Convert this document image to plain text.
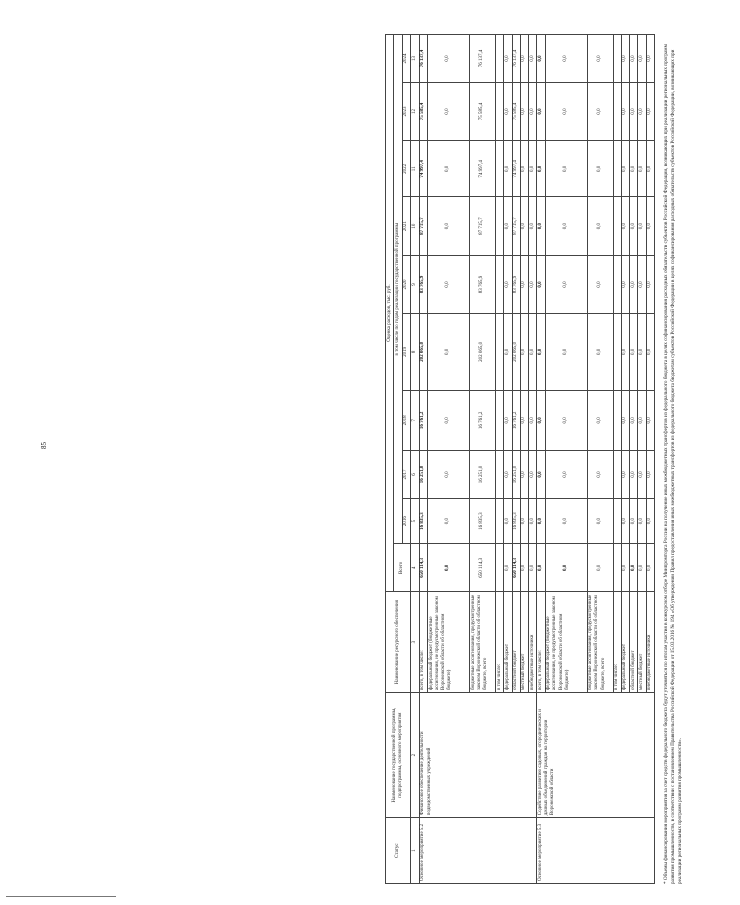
85
Статус	Наименование государственной программы, подпрограммы, основного мероприятия	Наименование ресурсного обеспечения	Оценка расходов, тыс. руб.									
			Всего	в том числе по годам реализации государственной программы								
				2016	2017	2018	2019	2020	2021	2022	2023	2024
1	2	3	4	5	6	7	8	9	10	11	12	13
Основное мероприятие 5.2	Финансовое обеспечение деятельности подведомственных учреждений	всего, в том числе:	650 114,3	16 835,3	16 251,0	16 761,2	202 065,0	83 765,9	87 715,7	74 997,4	75 585,4	76 137,4
		федеральный бюджет (бюджетные ассигнования, не предусмотренные законом Воронежской области об областном бюджете)	0,0	0,0	0,0	0,0	0,0	0,0	0,0	0,0	0,0	0,0
		бюджетные ассигнования, предусмотренные законом Воронежской области об областном бюджете, всего	650 114,3	16 835,3	16 251,0	16 761,2	202 065,0	83 765,9	87 715,7	74 997,4	75 585,4	76 137,4
		в том числе:										
		федеральный бюджет	0,0	0,0	0,0	0,0	0,0	0,0	0,0	0,0	0,0	0,0
		областной бюджет	650 114,3	16 835,3	16 251,0	16 761,2	202 065,0	83 765,9	87 715,7	74 997,4	75 585,4	76 137,4
		местный бюджет	0,0	0,0	0,0	0,0	0,0	0,0	0,0	0,0	0,0	0,0
		внебюджетные источники	0,0	0,0	0,0	0,0	0,0	0,0	0,0	0,0	0,0	0,0
Основное мероприятие 5.3	Содействие развитию садовых, огороднических и дачных объединений граждан на территории Воронежской области	всего, в том числе:	0,0	0,0	0,0	0,0	0,0	0,0	0,0	0,0	0,0	0,0
		федеральный бюджет (бюджетные ассигнования, не предусмотренные законом Воронежской области об областном бюджете)	0,0	0,0	0,0	0,0	0,0	0,0	0,0	0,0	0,0	0,0
		бюджетные ассигнования, предусмотренные законом Воронежской области об областном бюджете, всего	0,0	0,0	0,0	0,0	0,0	0,0	0,0	0,0	0,0	0,0
		в том числе:										
		федеральный бюджет	0,0	0,0	0,0	0,0	0,0	0,0	0,0	0,0	0,0	0,0
		областной бюджет	0,0	0,0	0,0	0,0	0,0	0,0	0,0	0,0	0,0	0,0
		местный бюджет	0,0	0,0	0,0	0,0	0,0	0,0	0,0	0,0	0,0	0,0
		внебюджетные источники	0,0	0,0	0,0	0,0	0,0	0,0	0,0	0,0	0,0	0,0 * Объемы финансирования мероприятия за счет средств федерального бюджета будут уточняться по итогам участия в конкурсном отборе Минпромторга России на получение иных межбюджетных трансфертов из федерального бюджета в целях софинансирования расходных обязательств субъектов Российской Федерации, возникающих при реализации региональных программ развития промышленности, в соответствии с постановлением Правительства Российской Федерации от 15.03.2016 № 194 «Об утверждении Правил предоставления иных межбюджетных трансфертов из федерального бюджета бюджетам субъектов Российской Федерации в целях софинансирования расходных обязательств субъектов Российской Федерации, возникающих при реализации региональных программ развития промышленности».
